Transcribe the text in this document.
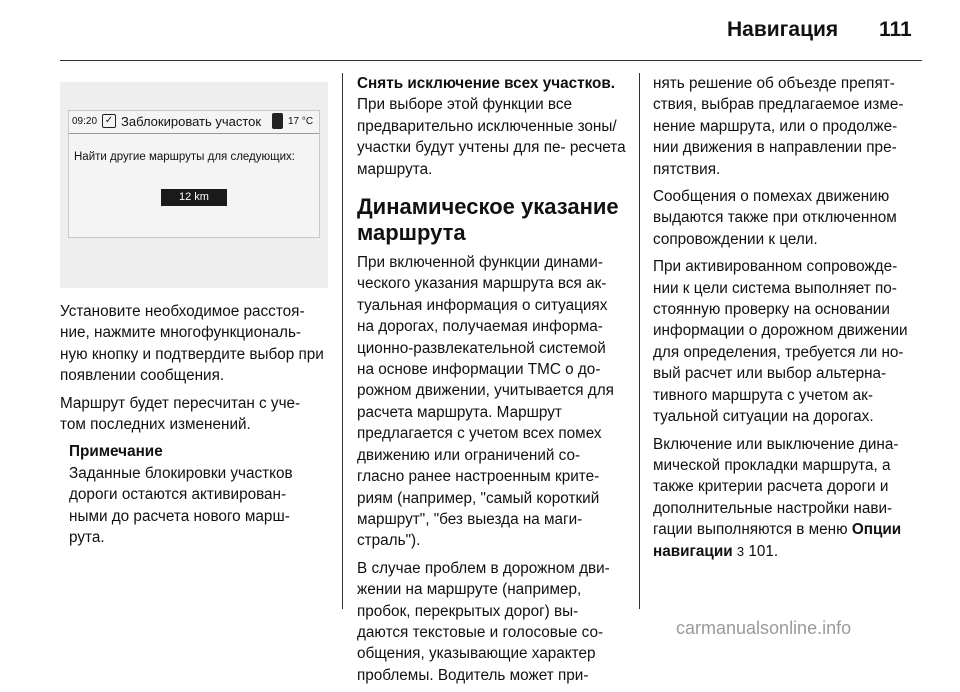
Навигация 111
09:20 ✓ Заблокировать участок	17 °C
Найти другие маршруты для следующих:
12 km

Установите необходимое расстоя- ние, нажмите многофункциональ- ную кнопку и подтвердите выбор при появлении сообщения.

Маршрут будет пересчитан с уче- том последних изменений.

Примечание
Заданные блокировки участков дороги остаются активирован- ными до расчета нового марш- рута.
Снять исключение всех участков.

При выборе этой функции все предварительно исключенные зоны/участки будут учтены для пе- ресчета маршрута.

Динамическое указание маршрута

При включенной функции динами- ческого указания маршрута вся ак- туальная информация о ситуациях на дорогах, получаемая информа- ционно-развлекательной системой на основе информации TMC о до- рожном движении, учитывается для расчета маршрута. Маршрут предлагается с учетом всех помех движению или ограничений со- гласно ранее настроенным крите- риям (например, "самый короткий маршрут", "без выезда на маги- страль").

В случае проблем в дорожном дви- жении на маршруте (например, пробок, перекрытых дорог) вы- даются текстовые и голосовые со- общения, указывающие характер проблемы. Водитель может при-

нять решение об объезде препят- ствия, выбрав предлагаемое изме- нение маршрута, или о продолже- нии движения в направлении пре- пятствия.

Сообщения о помехах движению выдаются также при отключенном сопровождении к цели.

При активированном сопровожде- нии к цели система выполняет по- стоянную проверку на основании информации о дорожном движении для определения, требуется ли но- вый расчет или выбор альтерна- тивного маршрута с учетом ак- туальной ситуации на дорогах.

Включение или выключение дина- мической прокладки маршрута, а также критерии расчета дороги и дополнительные настройки нави- гации выполняются в меню Опции навигации 3 101.

carmanualsonline.info
